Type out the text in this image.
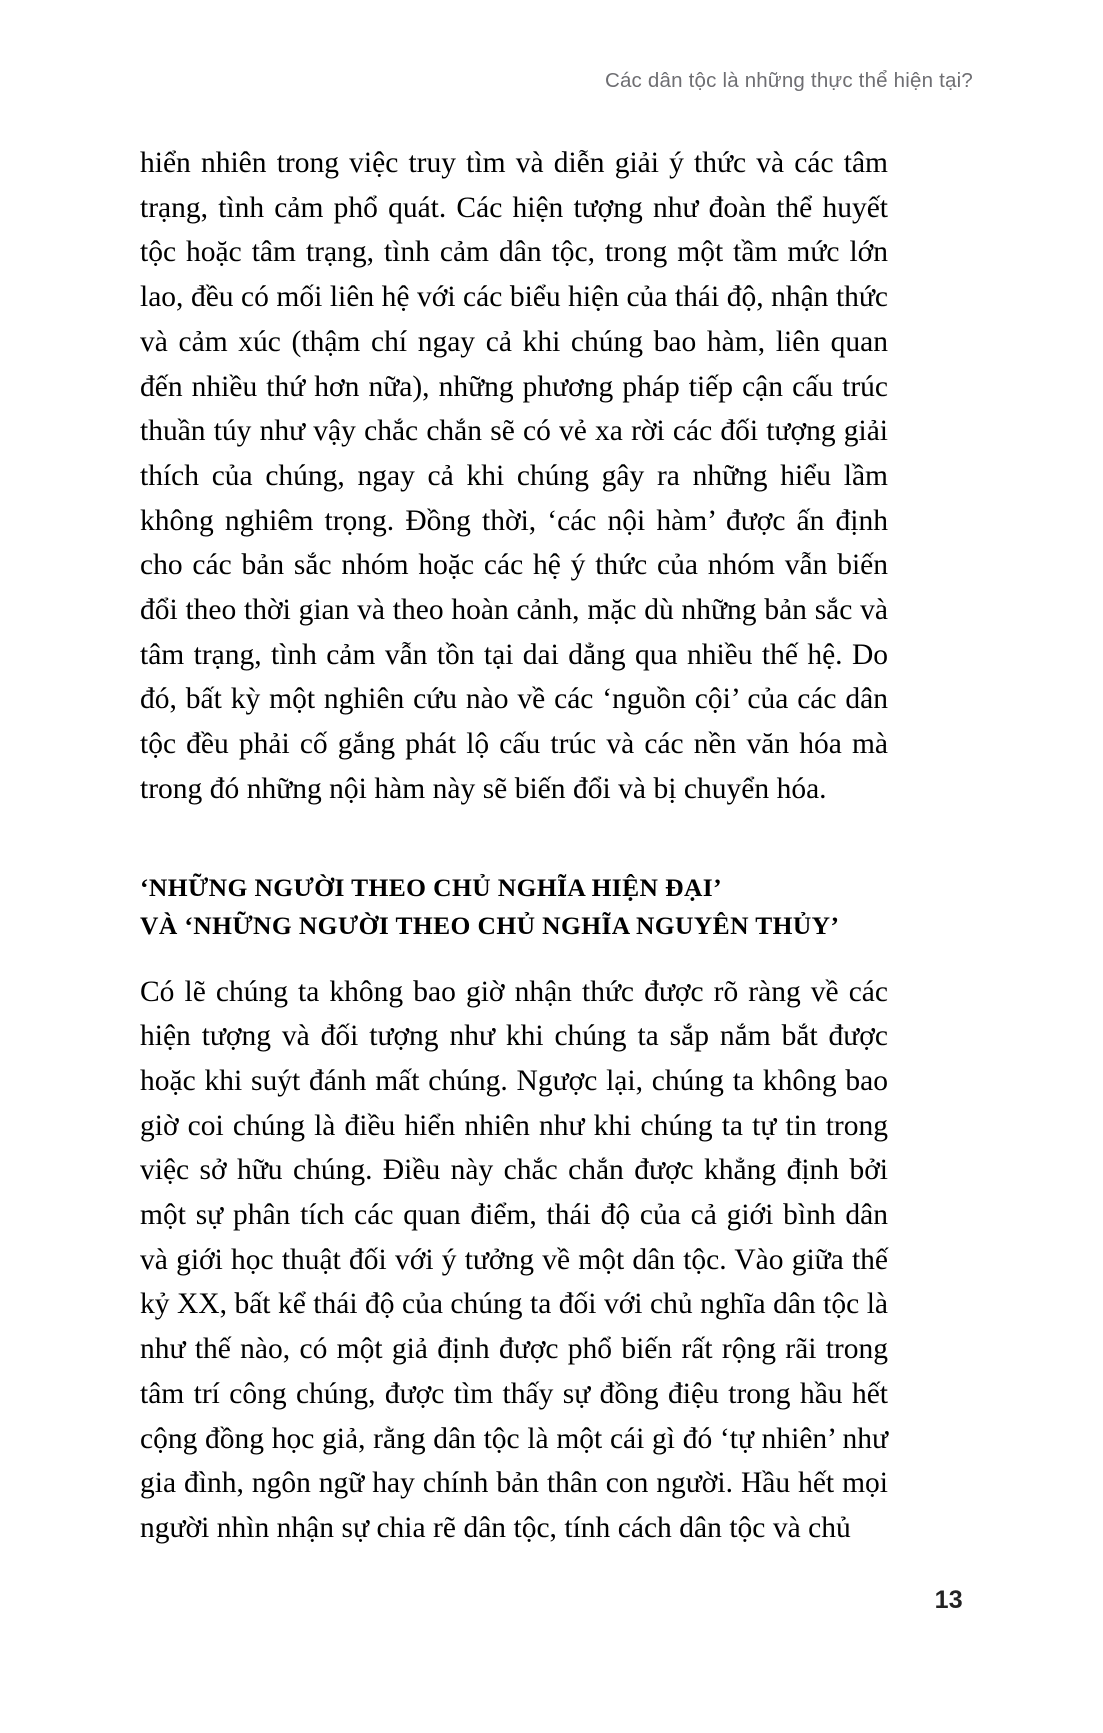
Các dân tộc là những thực thể hiện tại?

hiển nhiên trong việc truy tìm và diễn giải ý thức và các tâm trạng, tình cảm phổ quát. Các hiện tượng như đoàn thể huyết tộc hoặc tâm trạng, tình cảm dân tộc, trong một tầm mức lớn lao, đều có mối liên hệ với các biểu hiện của thái độ, nhận thức và cảm xúc (thậm chí ngay cả khi chúng bao hàm, liên quan đến nhiều thứ hơn nữa), những phương pháp tiếp cận cấu trúc thuần túy như vậy chắc chắn sẽ có vẻ xa rời các đối tượng giải thích của chúng, ngay cả khi chúng gây ra những hiểu lầm không nghiêm trọng. Đồng thời, ‘các nội hàm’ được ấn định cho các bản sắc nhóm hoặc các hệ ý thức của nhóm vẫn biến đổi theo thời gian và theo hoàn cảnh, mặc dù những bản sắc và tâm trạng, tình cảm vẫn tồn tại dai dẳng qua nhiều thế hệ. Do đó, bất kỳ một nghiên cứu nào về các ‘nguồn cội’ của các dân tộc đều phải cố gắng phát lộ cấu trúc và các nền văn hóa mà trong đó những nội hàm này sẽ biến đổi và bị chuyển hóa.

‘NHỮNG NGƯỜI THEO CHỦ NGHĨA HIỆN ĐẠI’
VÀ ‘NHỮNG NGƯỜI THEO CHỦ NGHĨA NGUYÊN THỦY’

Có lẽ chúng ta không bao giờ nhận thức được rõ ràng về các hiện tượng và đối tượng như khi chúng ta sắp nắm bắt được hoặc khi suýt đánh mất chúng. Ngược lại, chúng ta không bao giờ coi chúng là điều hiển nhiên như khi chúng ta tự tin trong việc sở hữu chúng. Điều này chắc chắn được khẳng định bởi một sự phân tích các quan điểm, thái độ của cả giới bình dân và giới học thuật đối với ý tưởng về một dân tộc. Vào giữa thế kỷ XX, bất kể thái độ của chúng ta đối với chủ nghĩa dân tộc là như thế nào, có một giả định được phổ biến rất rộng rãi trong tâm trí công chúng, được tìm thấy sự đồng điệu trong hầu hết cộng đồng học giả, rằng dân tộc là một cái gì đó ‘tự nhiên’ như gia đình, ngôn ngữ hay chính bản thân con người. Hầu hết mọi người nhìn nhận sự chia rẽ dân tộc, tính cách dân tộc và chủ

13
